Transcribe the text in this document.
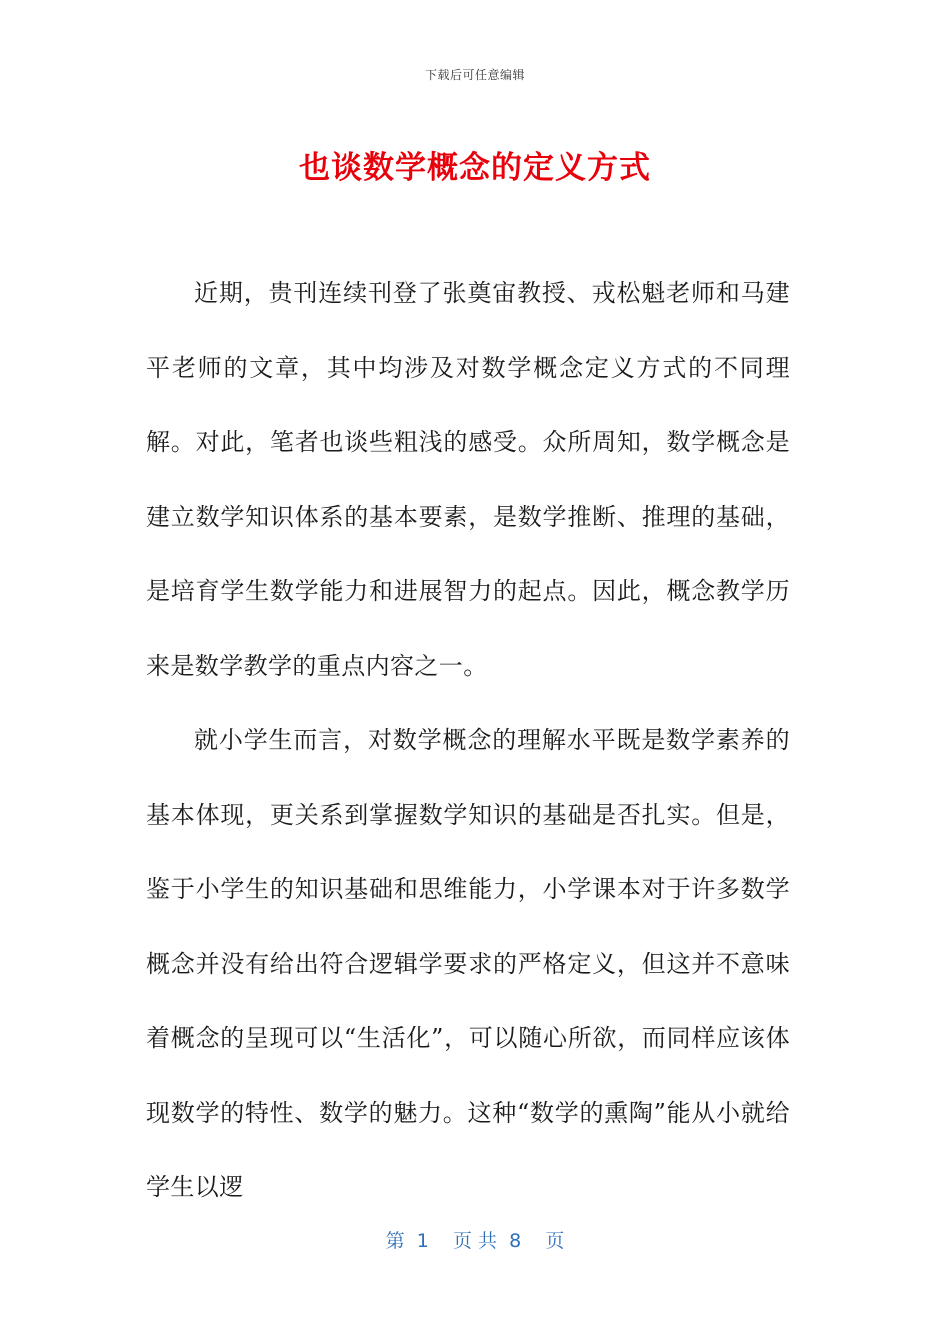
下载后可任意编辑
也谈数学概念的定义方式

近期，贵刊连续刊登了张奠宙教授、戎松魁老师和马建平老师的文章，其中均涉及对数学概念定义方式的不同理解。对此，笔者也谈些粗浅的感受。众所周知，数学概念是建立数学知识体系的基本要素，是数学推断、推理的基础，是培育学生数学能力和进展智力的起点。因此，概念教学历来是数学教学的重点内容之一。

就小学生而言，对数学概念的理解水平既是数学素养的基本体现，更关系到掌握数学知识的基础是否扎实。但是，鉴于小学生的知识基础和思维能力，小学课本对于许多数学概念并没有给出符合逻辑学要求的严格定义，但这并不意味着概念的呈现可以“生活化”，可以随心所欲，而同样应该体现数学的特性、数学的魅力。这种“数学的熏陶”能从小就给学生以逻

第  1    页 共  8    页
